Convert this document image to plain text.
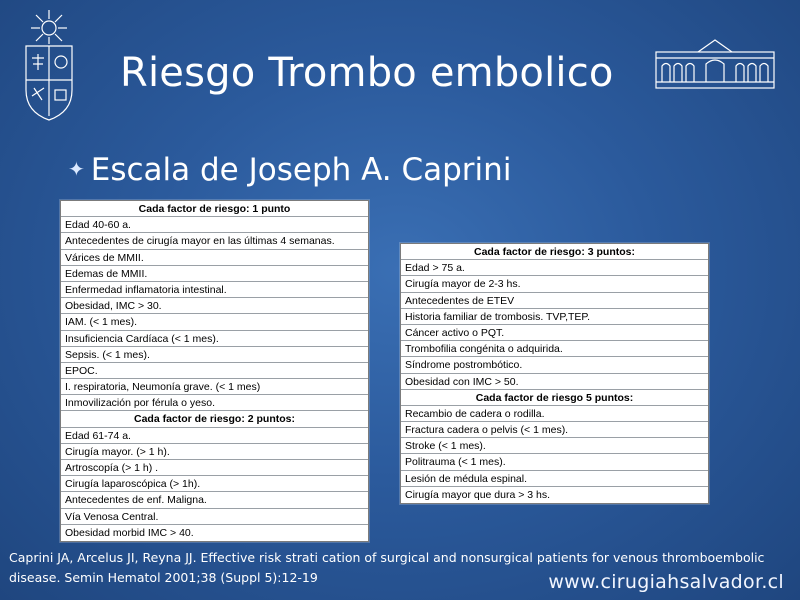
Riesgo Trombo embolico
✦ Escala de Joseph A. Caprini
Cada factor de riesgo: 1 punto
Edad 40-60 a.
Antecedentes de cirugía mayor en las últimas 4 semanas.
Várices de MMII.
Edemas de MMII.
Enfermedad inflamatoria intestinal.
Obesidad, IMC > 30.
IAM. (< 1 mes).
Insuficiencia Cardíaca (< 1 mes).
Sepsis. (< 1 mes).
EPOC.
I. respiratoria, Neumonía grave. (< 1 mes)
Inmovilización por férula o yeso.
Cada factor de riesgo: 2 puntos:
Edad 61-74 a.
Cirugía mayor. (> 1 h).
Artroscopía (> 1 h) .
Cirugía laparoscópica (> 1h).
Antecedentes de enf. Maligna.
Vía Venosa Central.
Obesidad morbid IMC > 40.
Cada factor de riesgo: 3 puntos:
Edad > 75 a.
Cirugía mayor de 2-3 hs.
Antecedentes de ETEV
Historia familiar de trombosis. TVP,TEP.
Cáncer activo o PQT.
Trombofilia congénita o adquirida.
Síndrome postrombótico.
Obesidad con IMC > 50.
Cada factor de riesgo 5 puntos:
Recambio de cadera o rodilla.
Fractura cadera o pelvis (< 1 mes).
Stroke (< 1 mes).
Politrauma (< 1 mes).
Lesión de médula espinal.
Cirugía mayor que dura > 3 hs.
Caprini JA, Arcelus JI, Reyna JJ. Effective risk strati cation of surgical and nonsurgical patients for venous thromboembolic disease. Semin Hematol 2001;38 (Suppl 5):12-19	www.cirugiahsalvador.cl
